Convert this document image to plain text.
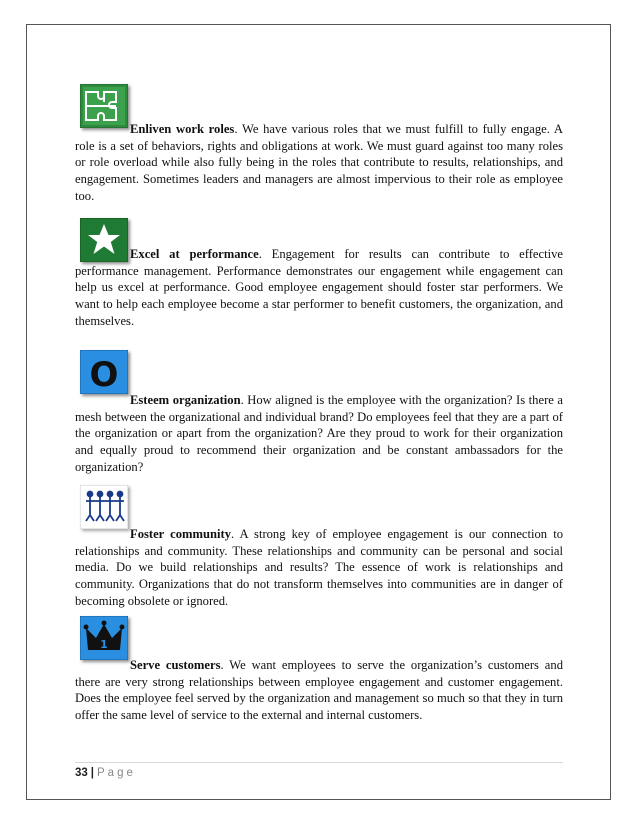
Enliven work roles. We have various roles that we must fulfill to fully engage. A role is a set of behaviors, rights and obligations at work. We must guard against too many roles or role overload while also fully being in the roles that contribute to results, relationships, and engagement. Sometimes leaders and managers are almost impervious to their role as employee too.

Excel at performance. Engagement for results can contribute to effective performance management. Performance demonstrates our engagement while engagement can help us excel at performance. Good employee engagement should foster star performers. We want to help each employee become a star performer to benefit customers, the organization, and themselves.

O

Esteem organization. How aligned is the employee with the organization? Is there a mesh between the organizational and individual brand? Do employees feel that they are a part of the organization or apart from the organization? Are they proud to work for their organization and equally proud to recommend their organization and be constant ambassadors for the organization?

Foster community. A strong key of employee engagement is our connection to relationships and community. These relationships and community can be personal and social media. Do we build relationships and results? The essence of work is relationships and community. Organizations that do not transform themselves into communities are in danger of becoming obsolete or ignored.

1

Serve customers. We want employees to serve the organization’s customers and there are very strong relationships between employee engagement and customer engagement. Does the employee feel served by the organization and management so much so that they in turn offer the same level of service to the external and internal customers.

33 | Page
